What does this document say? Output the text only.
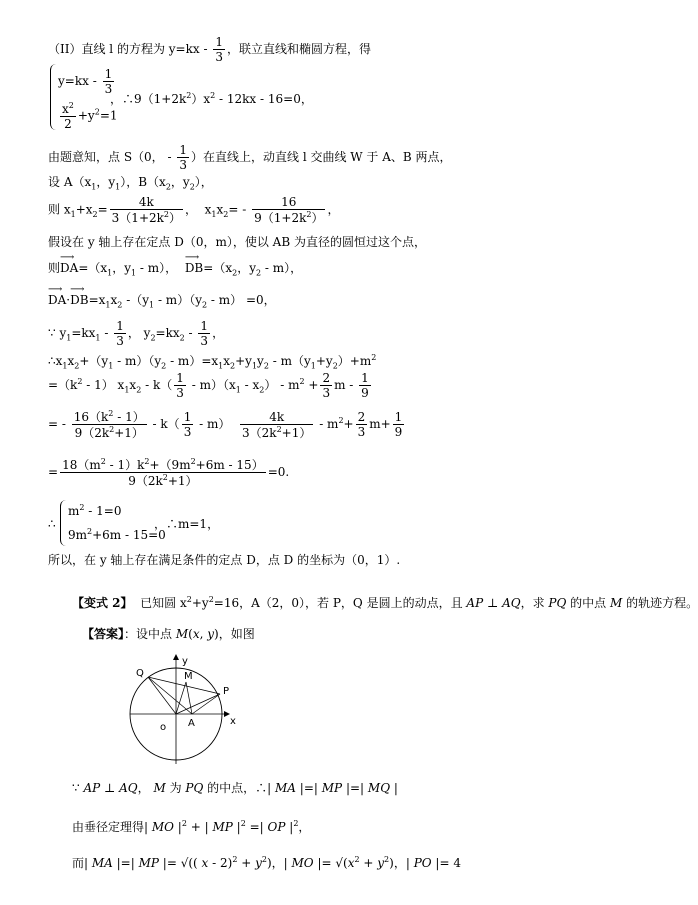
（II）直线 l 的方程为 $y=kx - \frac{1}{3}$ ，联立直线和椭圆方程，得
$y=kx - \frac{1}{3}$
$\frac{x^2}{2} +y^2=1$
，$\therefore 9(1+2k^2)x^2 - 12kx - 16=0$，
由题意知，点 S（0， - $\frac{1}{3}$ ）在直线上，动直线 l 交曲线 W 于 A、B 两点，
设 $A(x_1$，$y_1$），$B(x_2$，$y_2$），
则 $x_1+x_2= \frac{4k}{3(1+2k^2)}$ ，  $x_1x_2= - \frac{16}{9(1+2k^2)}$ ，
假设在 y 轴上存在定点 D（0，m），使以 AB 为直径的圆恒过这个点，
则⟶ $DA=(x_1$，$y_1 - m$），  ⟶ $DB=(x_2$，$y_2 - m$），
⟶ DA·⟶ $DB=x_1x_2$ $-(y_1 - m)(y_2 - m) =0$，
∵ $y_1=kx_1 - \frac{1}{3}$ ， $y_2=kx_2 - \frac{1}{3}$ ，
$\therefore x_1x_2+(y_1 - m)(y_2 - m)=x_1x_2+y_1y_2 - m(y_1+y_2)+m^2$
$=(k^2 - 1)$ $x_1x_2 - k( \frac{1}{3} - m)(x_1 - x_2) - m^2 + \frac{2}{3}$ m - $\frac{1}{9}$
= - $\frac{16(k^2 - 1)}{9(2k^2+1)} - k( \frac{1}{3} - m) \frac{4k}{3(2k^2+1)} - m^2+ \frac{2}{3} m+ \frac{1}{9}$
= $\frac{18(m^2 - 1)k^2+(9m^2+6m - 15)}{9(2k^2+1)} =0$.
∴
$m^2 - 1=0$
$9m^2+6m - 15=0$
，∴m=1，
所以，在 y 轴上存在满足条件的定点 D，点 D 的坐标为（0，1）.
【变式 2】  已知圆 $x^2+y^2=16$，A（2，0），若 P，Q 是圆上的动点，且 AP ⊥ AQ，求 PQ 的中点 M 的轨迹方程。
【答案】：设中点 M(x, y)，如图
y
x
Q	M
P
o A
∵ AP ⊥ AQ， M 为 PQ 的中点，∴| MA |=| MP |=| MQ |
由垂径定理得| MO $|^2$ + | MP $|^2$ =| OP $|^2$，
而| MA |=| MP |= √(( $x - 2)^2 + y^2$)，| MO |= $√(x^2 + y^2)$，| PO |= 4
